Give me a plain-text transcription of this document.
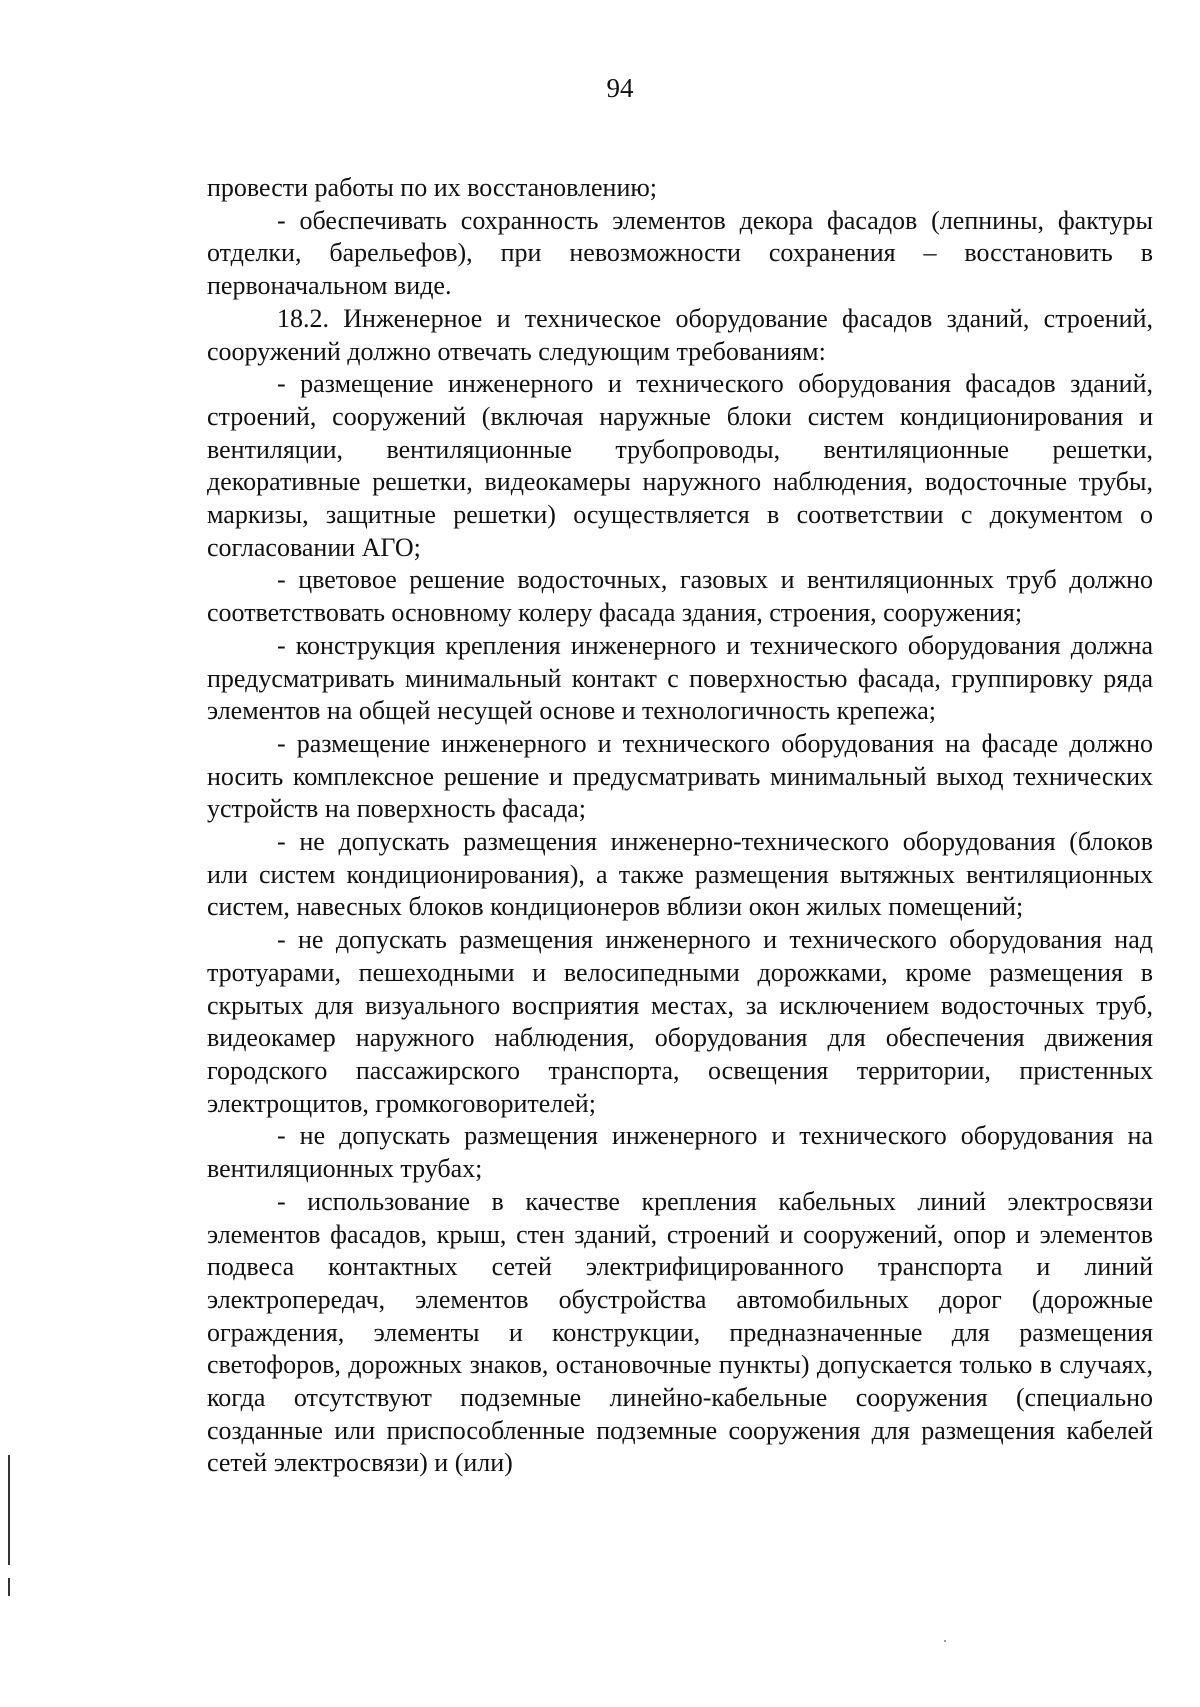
94

провести работы по их восстановлению;

- обеспечивать сохранность элементов декора фасадов (лепнины, фактуры отделки, барельефов), при невозможности сохранения – восстановить в первоначальном виде.

18.2. Инженерное и техническое оборудование фасадов зданий, строений, сооружений должно отвечать следующим требованиям:

- размещение инженерного и технического оборудования фасадов зданий, строений, сооружений (включая наружные блоки систем кондиционирования и вентиляции, вентиляционные трубопроводы, вентиляционные решетки, декоративные решетки, видеокамеры наружного наблюдения, водосточные трубы, маркизы, защитные решетки) осуществляется в соответствии с документом о согласовании АГО;

- цветовое решение водосточных, газовых и вентиляционных труб должно соответствовать основному колеру фасада здания, строения, сооружения;

- конструкция крепления инженерного и технического оборудования должна предусматривать минимальный контакт с поверхностью фасада, группировку ряда элементов на общей несущей основе и технологичность крепежа;

- размещение инженерного и технического оборудования на фасаде должно носить комплексное решение и предусматривать минимальный выход технических устройств на поверхность фасада;

- не допускать размещения инженерно-технического оборудования (блоков или систем кондиционирования), а также размещения вытяжных вентиляционных систем, навесных блоков кондиционеров вблизи окон жилых помещений;

- не допускать размещения инженерного и технического оборудования над тротуарами, пешеходными и велосипедными дорожками, кроме размещения в скрытых для визуального восприятия местах, за исключением водосточных труб, видеокамер наружного наблюдения, оборудования для обеспечения движения городского пассажирского транспорта, освещения территории, пристенных электрощитов, громкоговорителей;

- не допускать размещения инженерного и технического оборудования на вентиляционных трубах;

- использование в качестве крепления кабельных линий электросвязи элементов фасадов, крыш, стен зданий, строений и сооружений, опор и элементов подвеса контактных сетей электрифицированного транспорта и линий электропередач, элементов обустройства автомобильных дорог (дорожные ограждения, элементы и конструкции, предназначенные для размещения светофоров, дорожных знаков, остановочные пункты) допускается только в случаях, когда отсутствуют подземные линейно-кабельные сооружения (специально созданные или приспособленные подземные сооружения для размещения кабелей сетей электросвязи) и (или)
